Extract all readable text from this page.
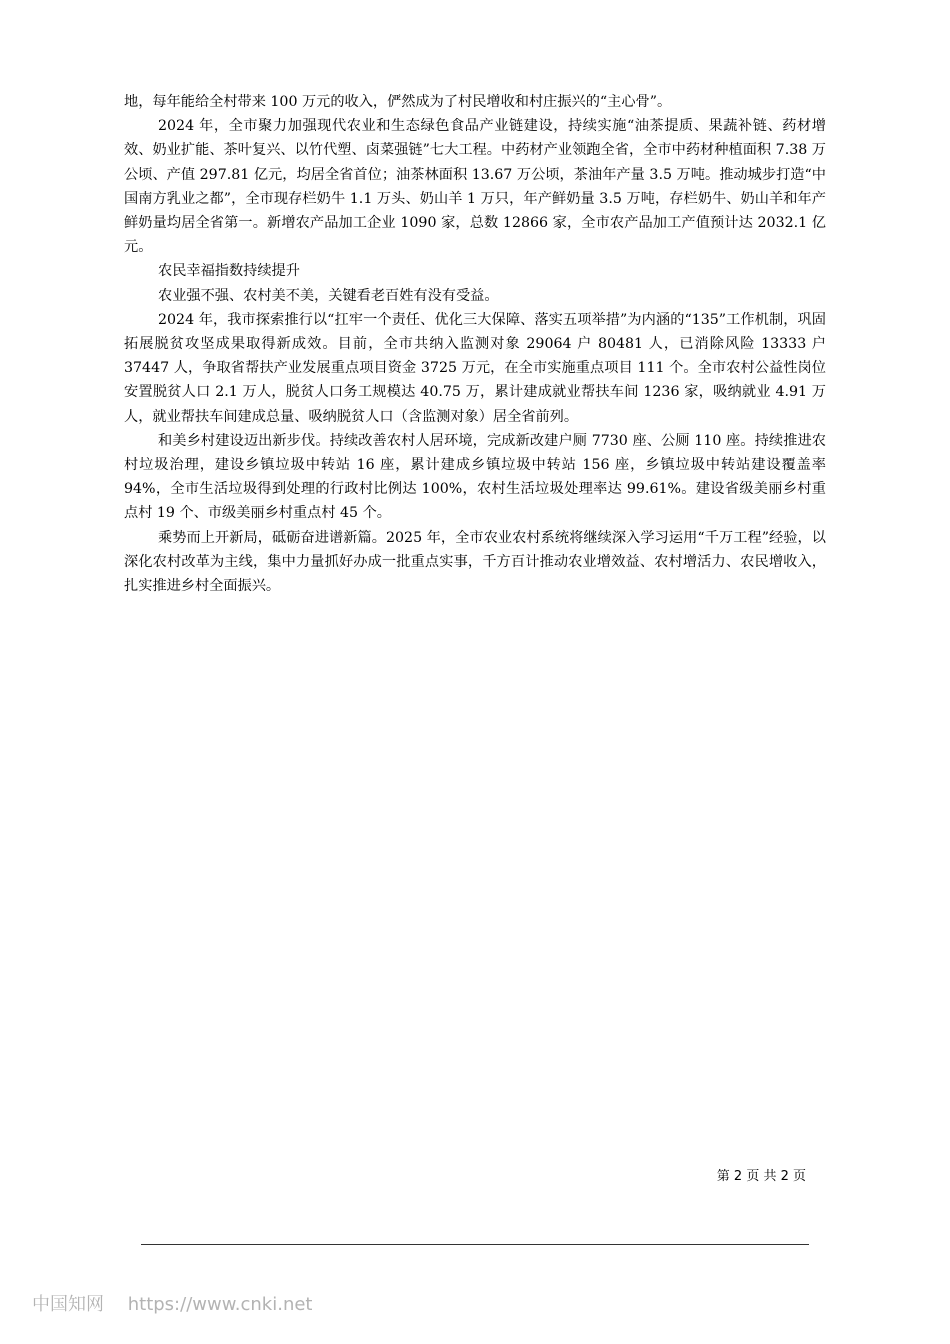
地，每年能给全村带来 100 万元的收入，俨然成为了村民增收和村庄振兴的“主心骨”。

2024 年，全市聚力加强现代农业和生态绿色食品产业链建设，持续实施“油茶提质、果蔬补链、药材增效、奶业扩能、茶叶复兴、以竹代塑、卤菜强链”七大工程。中药材产业领跑全省，全市中药材种植面积 7.38 万公顷、产值 297.81 亿元，均居全省首位；油茶林面积 13.67 万公顷，茶油年产量 3.5 万吨。推动城步打造“中国南方乳业之都”，全市现存栏奶牛 1.1 万头、奶山羊 1 万只，年产鲜奶量 3.5 万吨，存栏奶牛、奶山羊和年产鲜奶量均居全省第一。新增农产品加工企业 1090 家，总数 12866 家，全市农产品加工产值预计达 2032.1 亿元。

农民幸福指数持续提升

农业强不强、农村美不美，关键看老百姓有没有受益。

2024 年，我市探索推行以“扛牢一个责任、优化三大保障、落实五项举措”为内涵的“135”工作机制，巩固拓展脱贫攻坚成果取得新成效。目前，全市共纳入监测对象 29064 户 80481 人，已消除风险 13333 户 37447 人，争取省帮扶产业发展重点项目资金 3725 万元，在全市实施重点项目 111 个。全市农村公益性岗位安置脱贫人口 2.1 万人，脱贫人口务工规模达 40.75 万，累计建成就业帮扶车间 1236 家，吸纳就业 4.91 万人，就业帮扶车间建成总量、吸纳脱贫人口（含监测对象）居全省前列。

和美乡村建设迈出新步伐。持续改善农村人居环境，完成新改建户厕 7730 座、公厕 110 座。持续推进农村垃圾治理，建设乡镇垃圾中转站 16 座，累计建成乡镇垃圾中转站 156 座，乡镇垃圾中转站建设覆盖率 94%，全市生活垃圾得到处理的行政村比例达 100%，农村生活垃圾处理率达 99.61%。建设省级美丽乡村重点村 19 个、市级美丽乡村重点村 45 个。

乘势而上开新局，砥砺奋进谱新篇。2025 年，全市农业农村系统将继续深入学习运用“千万工程”经验，以深化农村改革为主线，集中力量抓好办成一批重点实事，千方百计推动农业增效益、农村增活力、农民增收入，扎实推进乡村全面振兴。

第 2 页 共 2 页
中国知网 https://www.cnki.net
